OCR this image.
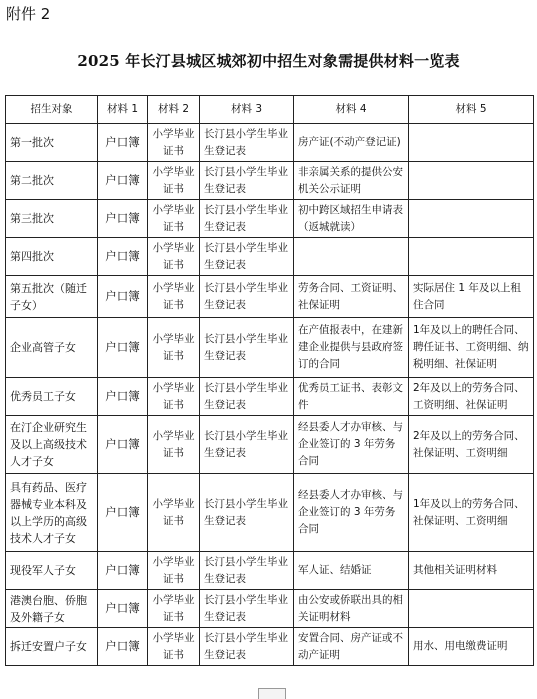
附件 2
2025 年长汀县城区城郊初中招生对象需提供材料一览表
招生对象	材料 1	材料 2	材料 3	材料 4	材料 5
第一批次	户口簿	小学毕业证书	长汀县小学生毕业生登记表	房产证(不动产登记证)	
第二批次	户口簿	小学毕业证书	长汀县小学生毕业生登记表	非亲属关系的提供公安机关公示证明	
第三批次	户口簿	小学毕业证书	长汀县小学生毕业生登记表	初中跨区域招生申请表（返城就读）	
第四批次	户口簿	小学毕业证书	长汀县小学生毕业生登记表		
第五批次（随迁子女）	户口簿	小学毕业证书	长汀县小学生毕业生登记表	劳务合同、工资证明、社保证明	实际居住 1 年及以上租住合同
企业高管子女	户口簿	小学毕业证书	长汀县小学生毕业生登记表	在产值报表中，在建新建企业提供与县政府签订的合同	1年及以上的聘任合同、聘任证书、工资明细、纳税明细、社保证明
优秀员工子女	户口簿	小学毕业证书	长汀县小学生毕业生登记表	优秀员工证书、表彰文件	2年及以上的劳务合同、工资明细、社保证明
在汀企业研究生及以上高级技术人才子女	户口簿	小学毕业证书	长汀县小学生毕业生登记表	经县委人才办审核、与企业签订的 3 年劳务合同	2年及以上的劳务合同、社保证明、工资明细
具有药品、医疗器械专业本科及以上学历的高级技术人才子女	户口簿	小学毕业证书	长汀县小学生毕业生登记表	经县委人才办审核、与企业签订的 3 年劳务合同	1年及以上的劳务合同、社保证明、工资明细
现役军人子女	户口簿	小学毕业证书	长汀县小学生毕业生登记表	军人证、结婚证	其他相关证明材料
港澳台胞、侨胞及外籍子女	户口簿	小学毕业证书	长汀县小学生毕业生登记表	由公安或侨联出具的相关证明材料	
拆迁安置户子女	户口簿	小学毕业证书	长汀县小学生毕业生登记表	安置合同、房产证或不动产证明	用水、用电缴费证明
